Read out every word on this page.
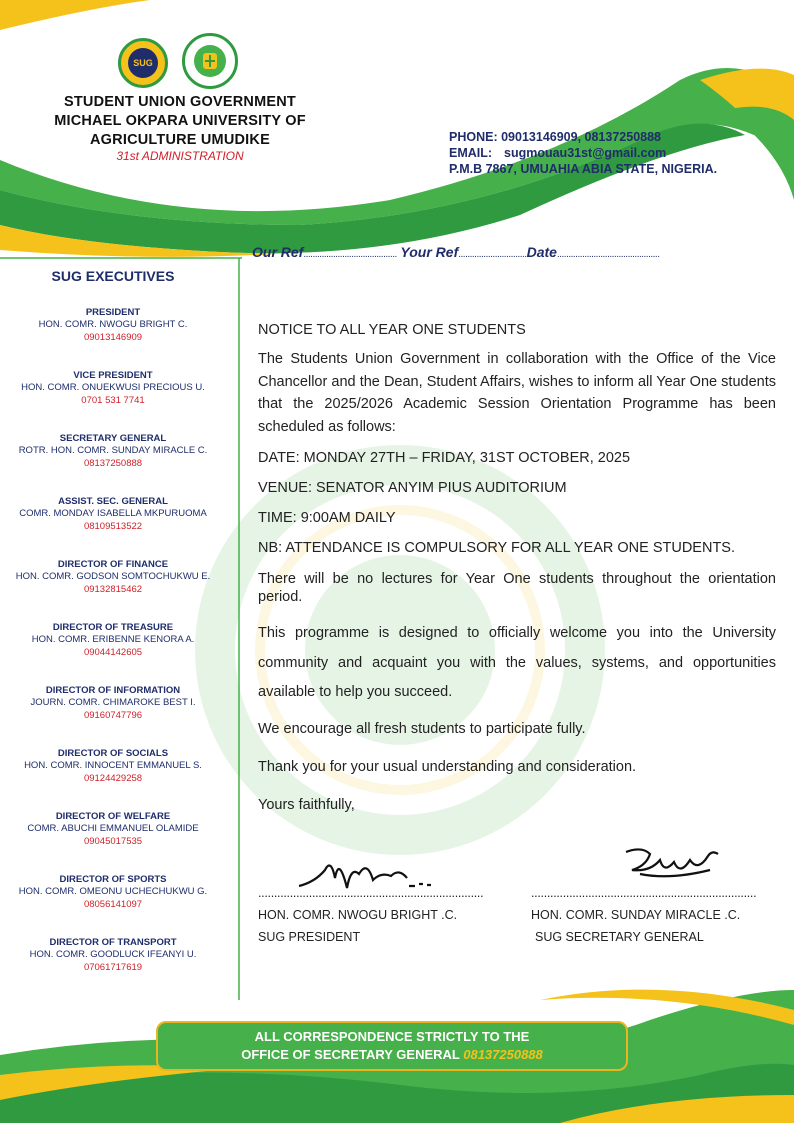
SUG
STUDENT UNION GOVERNMENT
MICHAEL OKPARA UNIVERSITY OF
AGRICULTURE UMUDIKE
31st ADMINISTRATION
PHONE: 09013146909, 08137250888
EMAIL: sugmouau31st@gmail.com
P.M.B 7867, UMUAHIA ABIA STATE, NIGERIA.
Our Ref......................................... Your Ref..............................Date.............................................
SUG EXECUTIVES
PRESIDENT
HON. COMR. NWOGU BRIGHT C.
09013146909
VICE PRESIDENT
HON. COMR. ONUEKWUSI PRECIOUS U.
0701 531 7741
SECRETARY GENERAL
ROTR. HON. COMR. SUNDAY MIRACLE C.
08137250888
ASSIST. SEC. GENERAL
COMR. MONDAY ISABELLA MKPURUOMA
08109513522
DIRECTOR OF FINANCE
HON. COMR. GODSON SOMTOCHUKWU E.
09132815462
DIRECTOR OF TREASURE
HON. COMR. ERIBENNE KENORA A.
09044142605
DIRECTOR OF INFORMATION
JOURN. COMR. CHIMAROKE BEST I.
09160747796
DIRECTOR OF SOCIALS
HON. COMR. INNOCENT EMMANUEL S.
09124429258
DIRECTOR OF WELFARE
COMR. ABUCHI EMMANUEL OLAMIDE
09045017535
DIRECTOR OF SPORTS
HON. COMR. OMEONU UCHECHUKWU G.
08056141097
DIRECTOR OF TRANSPORT
HON. COMR. GOODLUCK IFEANYI U.
07061717619

NOTICE TO ALL YEAR ONE STUDENTS

The Students Union Government in collaboration with the Office of the Vice Chancellor and the Dean, Student Affairs, wishes to inform all Year One students that the 2025/2026 Academic Session Orientation Programme has been scheduled as follows:

DATE: MONDAY 27TH – FRIDAY, 31ST OCTOBER, 2025

VENUE: SENATOR ANYIM PIUS AUDITORIUM

TIME: 9:00AM DAILY

NB: ATTENDANCE IS COMPULSORY FOR ALL YEAR ONE STUDENTS.

There will be no lectures for Year One students throughout the orientation period.

This programme is designed to officially welcome you into the University community and acquaint you with the values, systems, and opportunities available to help you succeed.

We encourage all fresh students to participate fully.

Thank you for your usual understanding and consideration.

Yours faithfully,

.......................................................................
HON. COMR. NWOGU BRIGHT .C.
SUG PRESIDENT
.......................................................................
HON. COMR. SUNDAY MIRACLE .C.
SUG SECRETARY GENERAL
ALL CORRESPONDENCE STRICTLY TO THE
OFFICE OF SECRETARY GENERAL 08137250888
